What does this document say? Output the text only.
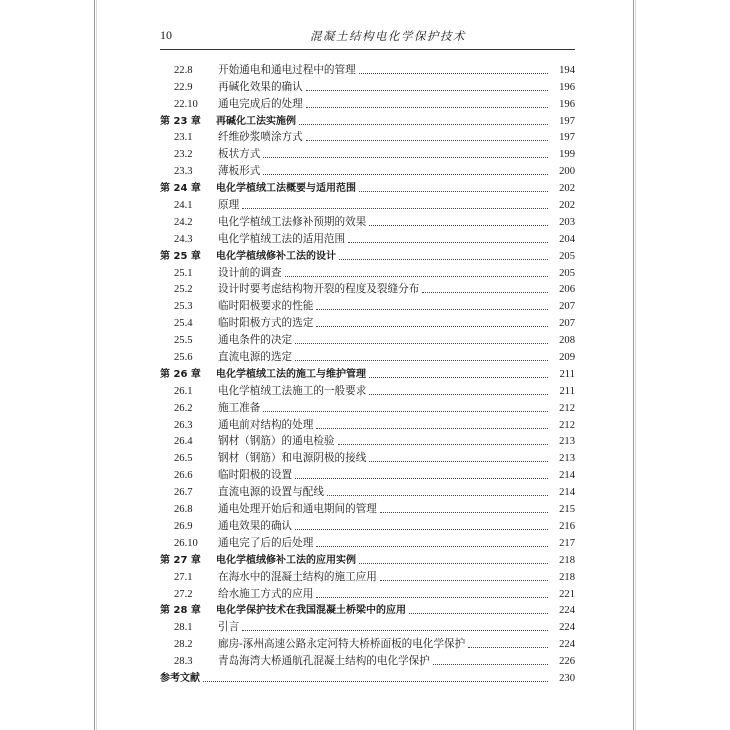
10	混凝土结构电化学保护技术
22.8	开始通电和通电过程中的管理	194
22.9	再碱化效果的确认	196
22.10	通电完成后的处理	196
第 23 章	再碱化工法实施例	197
23.1	纤维砂浆喷涂方式	197
23.2	板状方式	199
23.3	薄板形式	200
第 24 章	电化学植绒工法概要与适用范围	202
24.1	原理	202
24.2	电化学植绒工法修补预期的效果	203
24.3	电化学植绒工法的适用范围	204
第 25 章	电化学植绒修补工法的设计	205
25.1	设计前的调查	205
25.2	设计时要考虑结构物开裂的程度及裂缝分布	206
25.3	临时阳极要求的性能	207
25.4	临时阳极方式的选定	207
25.5	通电条件的决定	208
25.6	直流电源的选定	209
第 26 章	电化学植绒工法的施工与维护管理	211
26.1	电化学植绒工法施工的一般要求	211
26.2	施工准备	212
26.3	通电前对结构的处理	212
26.4	钢材（钢筋）的通电检验	213
26.5	钢材（钢筋）和电源阴极的接线	213
26.6	临时阳极的设置	214
26.7	直流电源的设置与配线	214
26.8	通电处理开始后和通电期间的管理	215
26.9	通电效果的确认	216
26.10	通电完了后的后处理	217
第 27 章	电化学植绒修补工法的应用实例	218
27.1	在海水中的混凝土结构的施工应用	218
27.2	给水施工方式的应用	221
第 28 章	电化学保护技术在我国混凝土桥梁中的应用	224
28.1	引言	224
28.2	廊房-涿州高速公路永定河特大桥桥面板的电化学保护	224
28.3	青岛海湾大桥通航孔混凝土结构的电化学保护	226
参考文献	230
